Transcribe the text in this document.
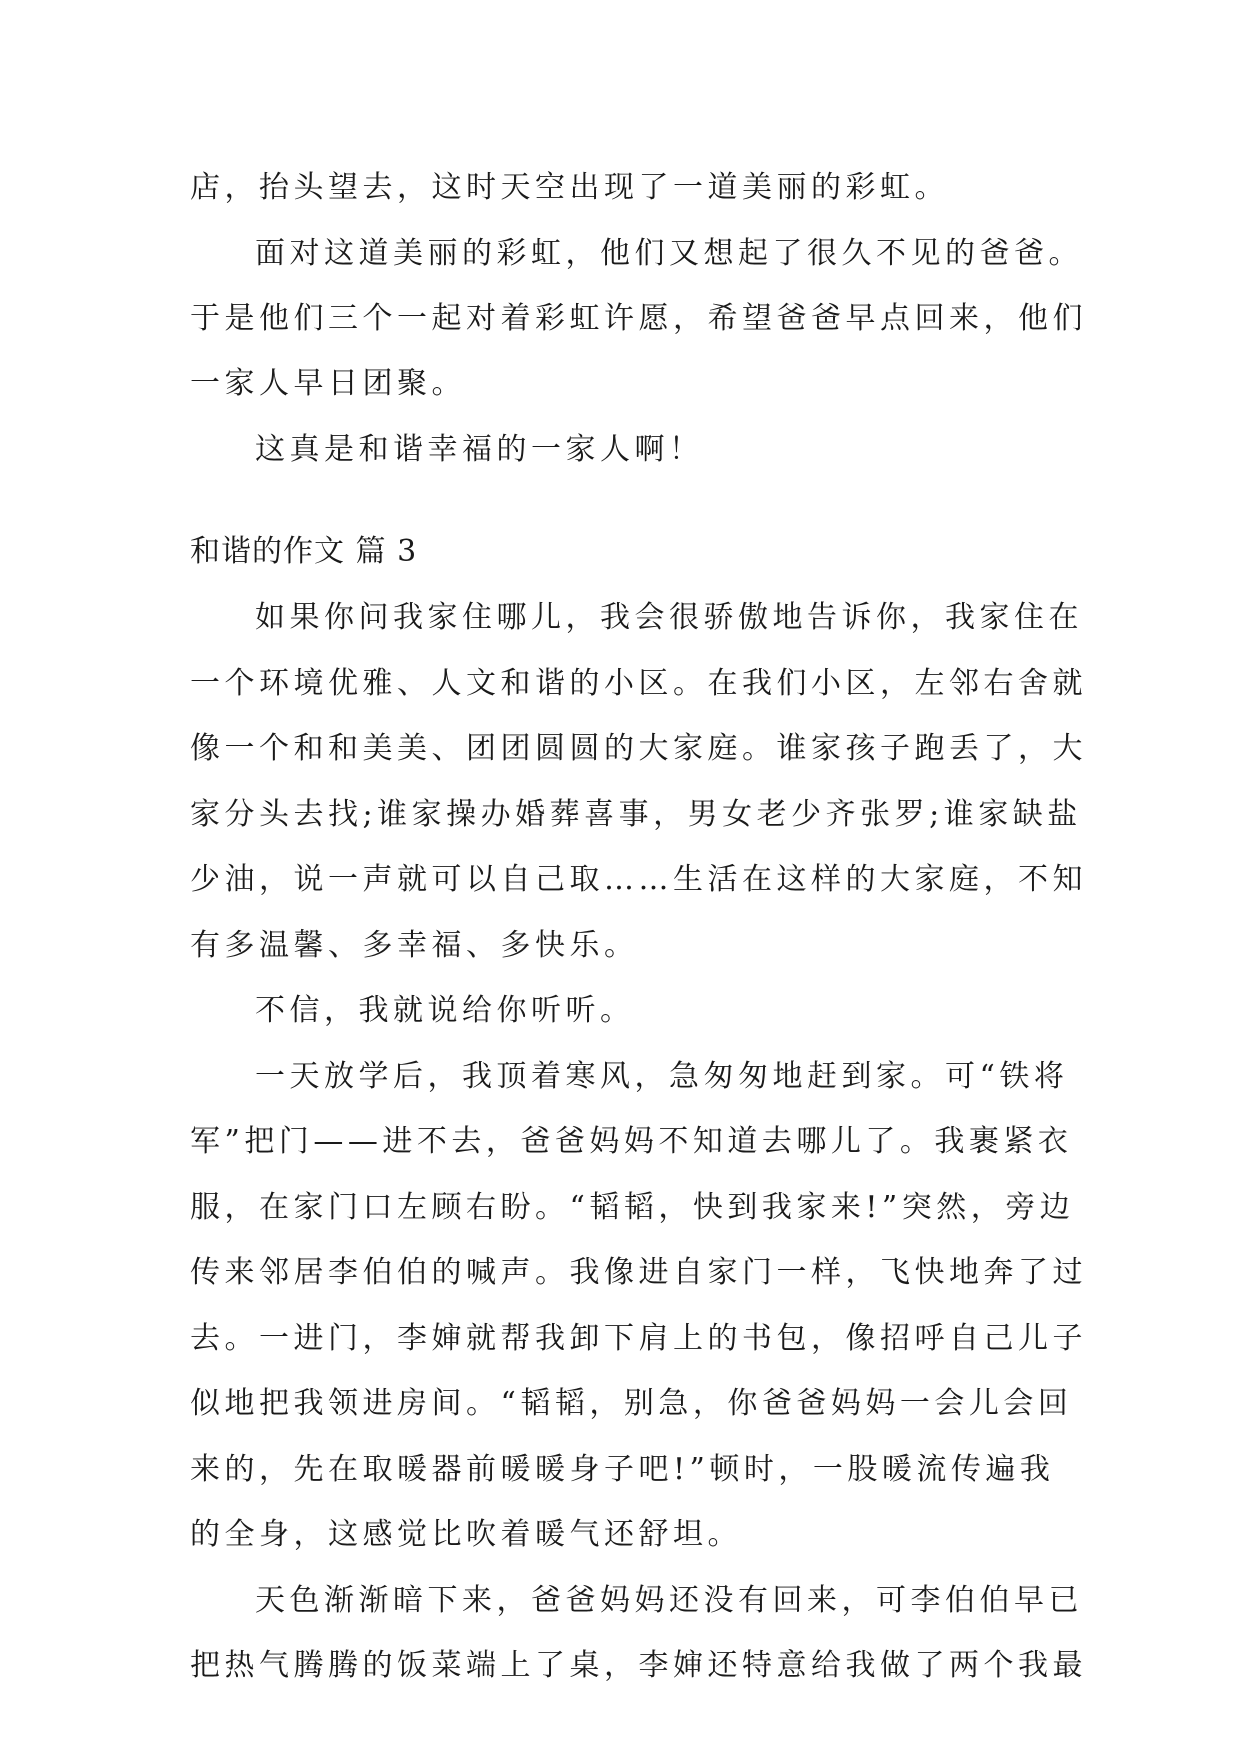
店，抬头望去，这时天空出现了一道美丽的彩虹。
面对这道美丽的彩虹，他们又想起了很久不见的爸爸。
于是他们三个一起对着彩虹许愿，希望爸爸早点回来，他们
一家人早日团聚。
这真是和谐幸福的一家人啊！
和谐的作文 篇 3
如果你问我家住哪儿，我会很骄傲地告诉你，我家住在
一个环境优雅、人文和谐的小区。在我们小区，左邻右舍就
像一个和和美美、团团圆圆的大家庭。谁家孩子跑丢了，大
家分头去找;谁家操办婚葬喜事，男女老少齐张罗;谁家缺盐
少油，说一声就可以自己取……生活在这样的大家庭，不知
有多温馨、多幸福、多快乐。
不信，我就说给你听听。
一天放学后，我顶着寒风，急匆匆地赶到家。可“铁将
军”把门——进不去，爸爸妈妈不知道去哪儿了。我裹紧衣
服，在家门口左顾右盼。“韬韬，快到我家来!”突然，旁边
传来邻居李伯伯的喊声。我像进自家门一样，飞快地奔了过
去。一进门，李婶就帮我卸下肩上的书包，像招呼自己儿子
似地把我领进房间。“韬韬，别急，你爸爸妈妈一会儿会回
来的，先在取暖器前暖暖身子吧!”顿时，一股暖流传遍我
的全身，这感觉比吹着暖气还舒坦。
天色渐渐暗下来，爸爸妈妈还没有回来，可李伯伯早已
把热气腾腾的饭菜端上了桌，李婶还特意给我做了两个我最
